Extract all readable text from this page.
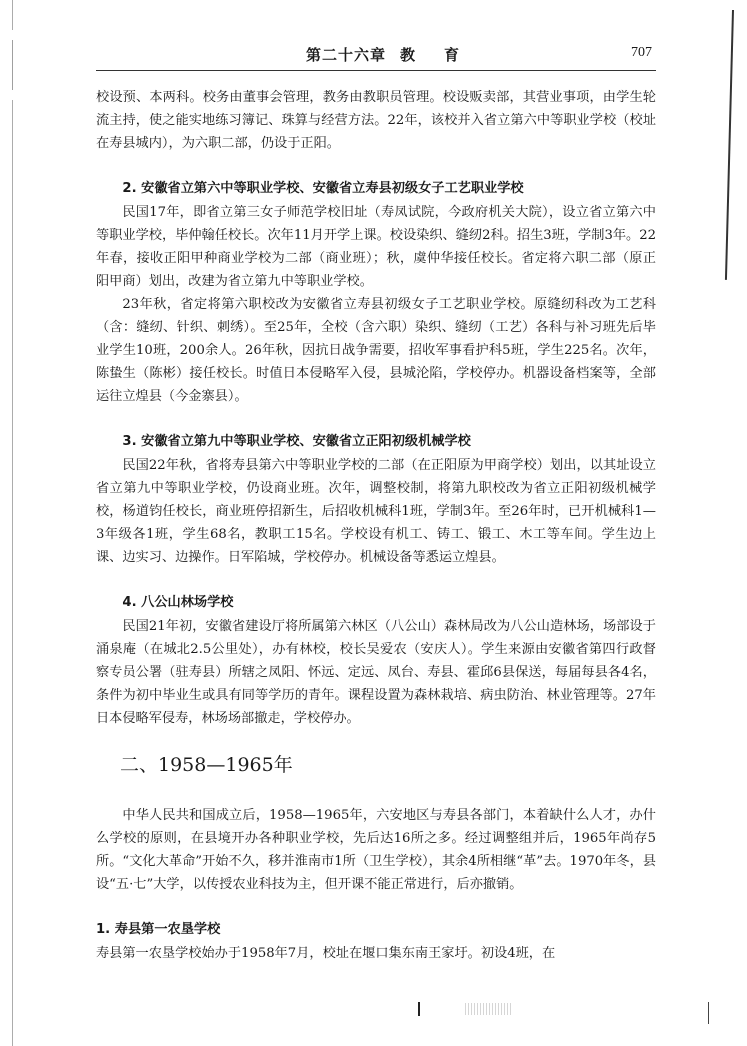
第二十六章 教 育	707

校设预、本两科。校务由董事会管理，教务由教职员管理。校设贩卖部，其营业事项，由学生轮流主持，使之能实地练习簿记、珠算与经营方法。22年，该校并入省立第六中等职业学校（校址在寿县城内），为六职二部，仍设于正阳。

2. 安徽省立第六中等职业学校、安徽省立寿县初级女子工艺职业学校

民国17年，即省立第三女子师范学校旧址（寿凤试院，今政府机关大院），设立省立第六中等职业学校，毕仲翰任校长。次年11月开学上课。校设染织、缝纫2科。招生3班，学制3年。22年春，接收正阳甲种商业学校为二部（商业班）；秋，虞仲华接任校长。省定将六职二部（原正阳甲商）划出，改建为省立第九中等职业学校。

23年秋，省定将第六职校改为安徽省立寿县初级女子工艺职业学校。原缝纫科改为工艺科（含：缝纫、针织、刺绣）。至25年，全校（含六职）染织、缝纫（工艺）各科与补习班先后毕业学生10班，200余人。26年秋，因抗日战争需要，招收军事看护科5班，学生225名。次年，陈蛰生（陈彬）接任校长。时值日本侵略军入侵，县城沦陷，学校停办。机器设备档案等，全部运往立煌县（今金寨县）。

3. 安徽省立第九中等职业学校、安徽省立正阳初级机械学校

民国22年秋，省将寿县第六中等职业学校的二部（在正阳原为甲商学校）划出，以其址设立省立第九中等职业学校，仍设商业班。次年，调整校制，将第九职校改为省立正阳初级机械学校，杨道钧任校长，商业班停招新生，后招收机械科1班，学制3年。至26年时，已开机械科1—3年级各1班，学生68名，教职工15名。学校设有机工、铸工、锻工、木工等车间。学生边上课、边实习、边操作。日军陷城，学校停办。机械设备等悉运立煌县。

4. 八公山林场学校

民国21年初，安徽省建设厅将所属第六林区（八公山）森林局改为八公山造林场，场部设于涌泉庵（在城北2.5公里处），办有林校，校长吴爱农（安庆人）。学生来源由安徽省第四行政督察专员公署（驻寿县）所辖之凤阳、怀远、定远、凤台、寿县、霍邱6县保送，每届每县各4名，条件为初中毕业生或具有同等学历的青年。课程设置为森林栽培、病虫防治、林业管理等。27年日本侵略军侵寿，林场场部撤走，学校停办。

二、1958—1965年

中华人民共和国成立后，1958—1965年，六安地区与寿县各部门，本着缺什么人才，办什么学校的原则，在县境开办各种职业学校，先后达16所之多。经过调整组并后，1965年尚存5所。“文化大革命”开始不久，移并淮南市1所（卫生学校），其余4所相继“革”去。1970年冬，县设“五·七”大学，以传授农业科技为主，但开课不能正常进行，后亦撤销。

1. 寿县第一农垦学校

寿县第一农垦学校始办于1958年7月，校址在堰口集东南王家圩。初设4班，在
